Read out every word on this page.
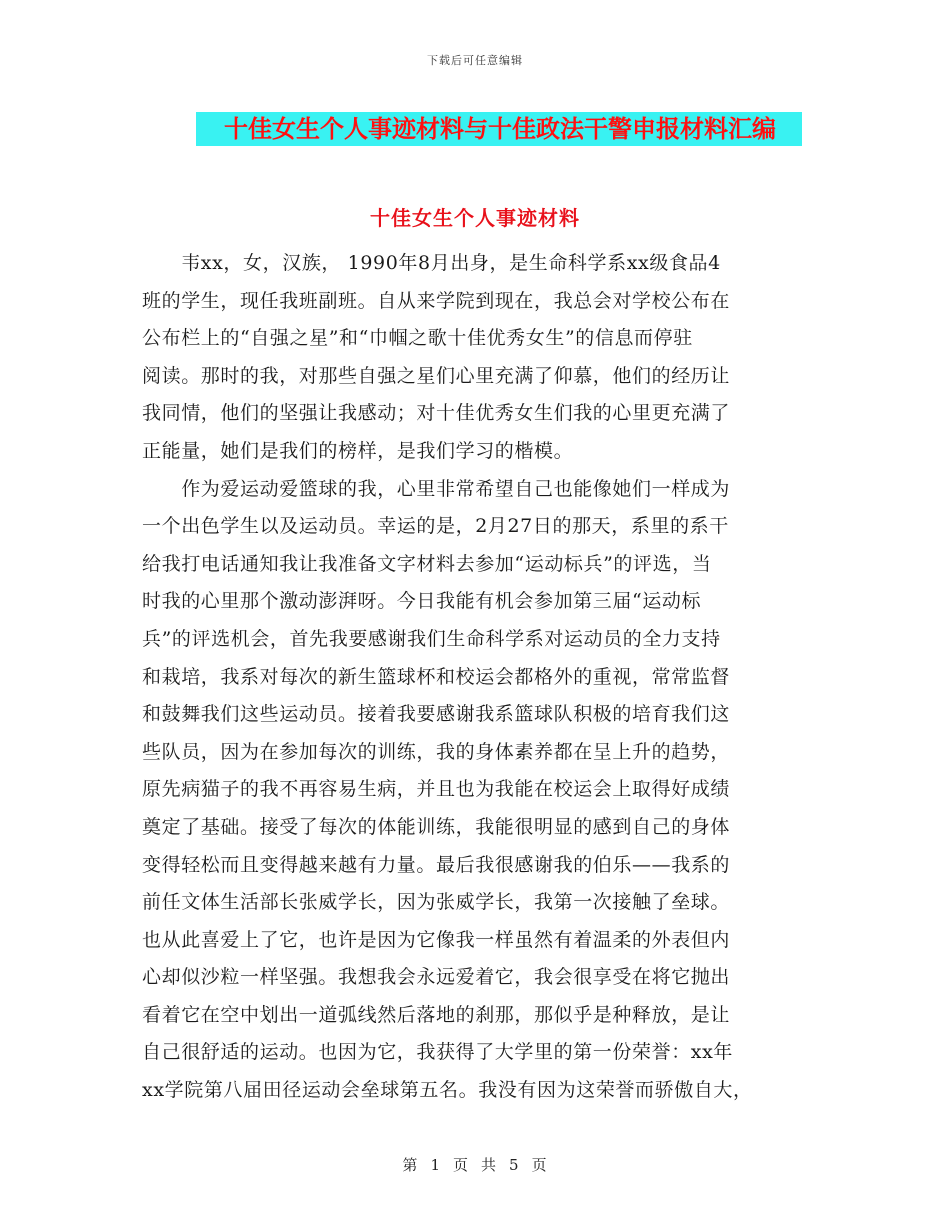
下载后可任意编辑
十佳女生个人事迹材料与十佳政法干警申报材料汇编
十佳女生个人事迹材料
　　韦xx，女，汉族， 1990年8月出身，是生命科学系xx级食品4
班的学生，现任我班副班。自从来学院到现在，我总会对学校公布在
公布栏上的“自强之星”和“巾帼之歌十佳优秀女生”的信息而停驻
阅读。那时的我，对那些自强之星们心里充满了仰慕，他们的经历让
我同情，他们的坚强让我感动；对十佳优秀女生们我的心里更充满了
正能量，她们是我们的榜样，是我们学习的楷模。
　　作为爱运动爱篮球的我，心里非常希望自己也能像她们一样成为
一个出色学生以及运动员。幸运的是，2月27日的那天，系里的系干
给我打电话通知我让我准备文字材料去参加“运动标兵”的评选，当
时我的心里那个激动澎湃呀。今日我能有机会参加第三届“运动标
兵”的评选机会，首先我要感谢我们生命科学系对运动员的全力支持
和栽培，我系对每次的新生篮球杯和校运会都格外的重视，常常监督
和鼓舞我们这些运动员。接着我要感谢我系篮球队积极的培育我们这
些队员，因为在参加每次的训练，我的身体素养都在呈上升的趋势，
原先病猫子的我不再容易生病，并且也为我能在校运会上取得好成绩
奠定了基础。接受了每次的体能训练，我能很明显的感到自己的身体
变得轻松而且变得越来越有力量。最后我很感谢我的伯乐——我系的
前任文体生活部长张威学长，因为张威学长，我第一次接触了垒球。
也从此喜爱上了它，也许是因为它像我一样虽然有着温柔的外表但内
心却似沙粒一样坚强。我想我会永远爱着它，我会很享受在将它抛出
看着它在空中划出一道弧线然后落地的刹那，那似乎是种释放，是让
自己很舒适的运动。也因为它，我获得了大学里的第一份荣誉：xx年
xx学院第八届田径运动会垒球第五名。我没有因为这荣誉而骄傲自大，
第 1 页 共 5 页
